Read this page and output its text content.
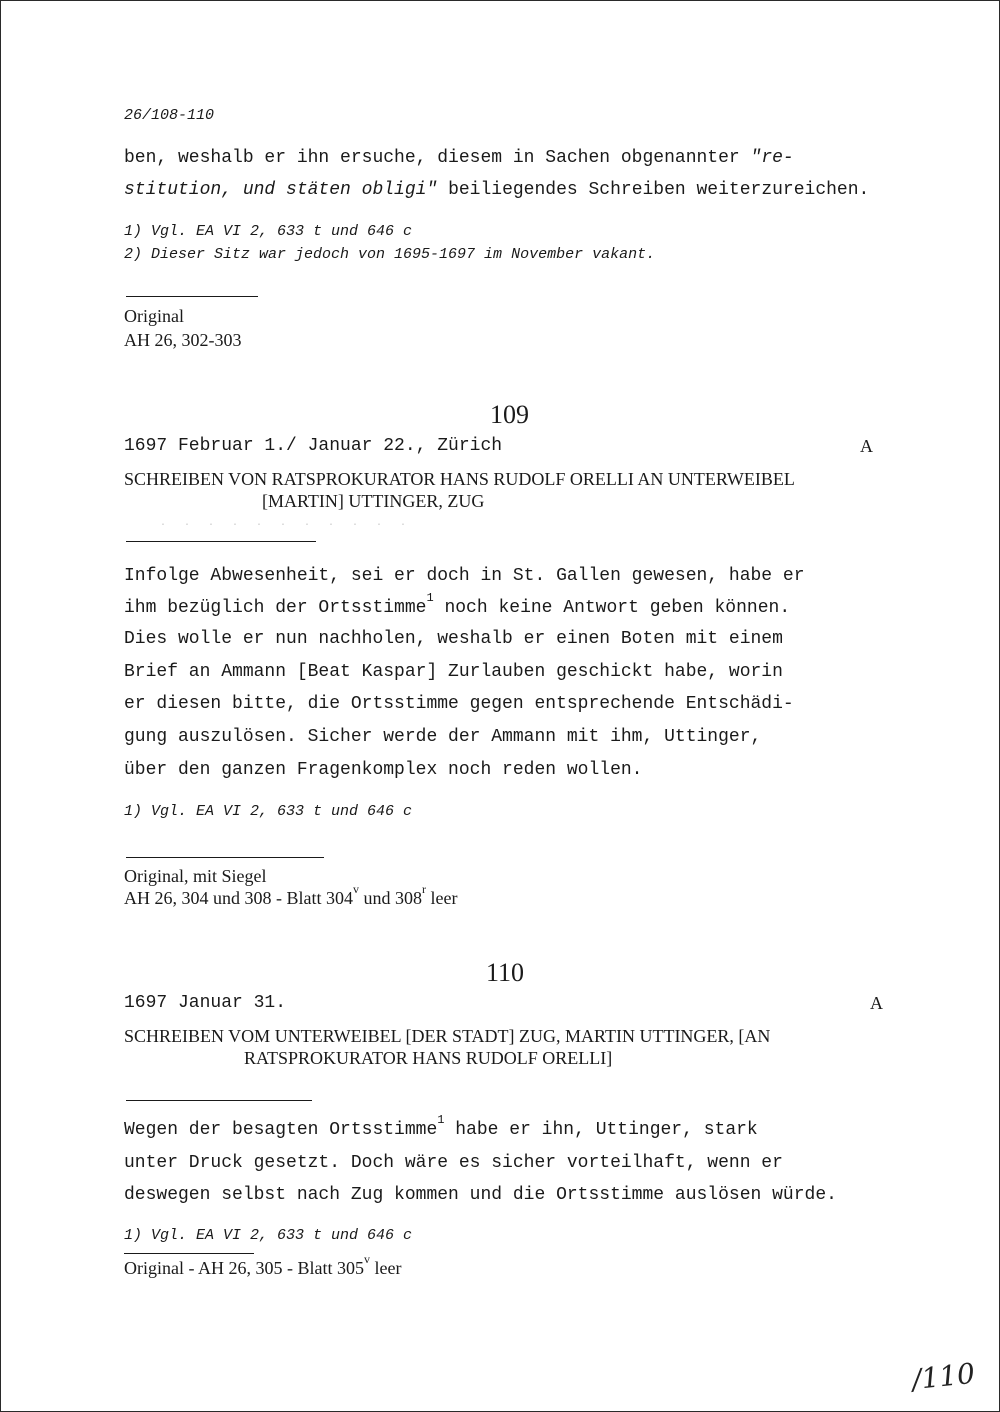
26/108-110
ben, weshalb er ihn ersuche, diesem in Sachen obgenannter "re-
stitution, und stäten obligi" beiliegendes Schreiben weiterzureichen.
1) Vgl. EA VI 2, 633 t und 646 c
2) Dieser Sitz war jedoch von 1695-1697 im November vakant.
Original
AH 26, 302-303
109
1697 Februar 1./ Januar 22., Zürich	A
SCHREIBEN VON RATSPROKURATOR HANS RUDOLF ORELLI AN UNTERWEIBEL
[MARTIN] UTTINGER, ZUG
· · · · · · · · · · ·
Infolge Abwesenheit, sei er doch in St. Gallen gewesen, habe er
ihm bezüglich der Ortsstimme$^1$ noch keine Antwort geben können.
Dies wolle er nun nachholen, weshalb er einen Boten mit einem
Brief an Ammann [Beat Kaspar] Zurlauben geschickt habe, worin
er diesen bitte, die Ortsstimme gegen entsprechende Entschädi-
gung auszulösen. Sicher werde der Ammann mit ihm, Uttinger,
über den ganzen Fragenkomplex noch reden wollen.
1) Vgl. EA VI 2, 633 t und 646 c
Original, mit Siegel
AH 26, 304 und 308 - Blatt 304$^v$ und 308$^r$ leer
110
1697 Januar 31.	A
SCHREIBEN VOM UNTERWEIBEL [DER STADT] ZUG, MARTIN UTTINGER, [AN
RATSPROKURATOR HANS RUDOLF ORELLI]
Wegen der besagten Ortsstimme$^1$ habe er ihn, Uttinger, stark
unter Druck gesetzt. Doch wäre es sicher vorteilhaft, wenn er
deswegen selbst nach Zug kommen und die Ortsstimme auslösen würde.
1) Vgl. EA VI 2, 633 t und 646 c
Original - AH 26, 305 - Blatt 305$^v$ leer
/110
